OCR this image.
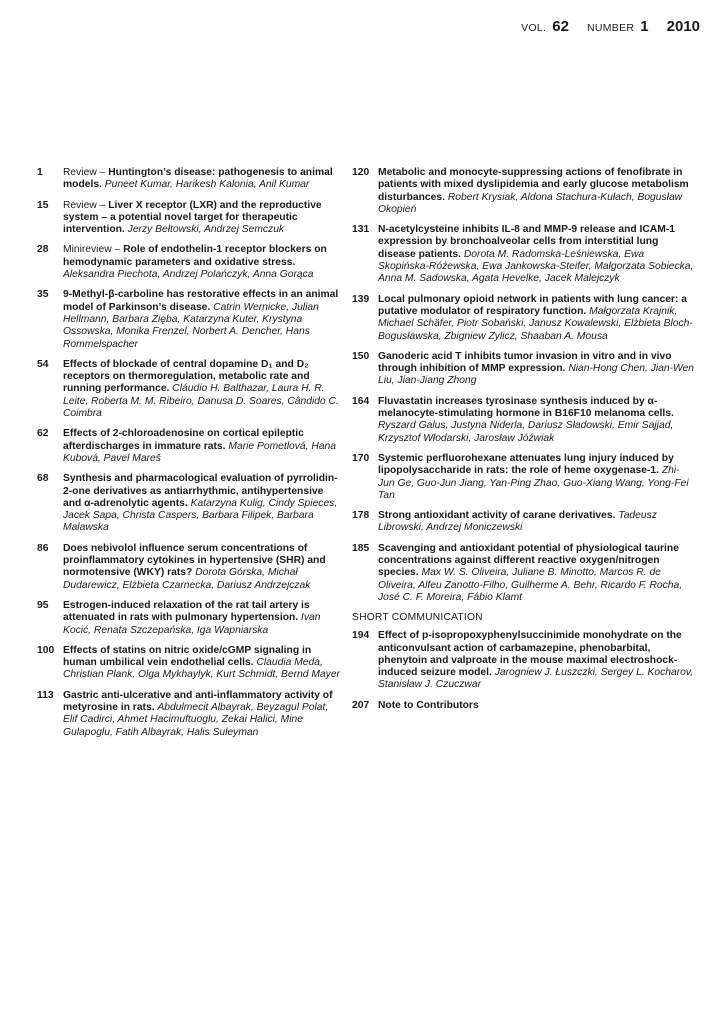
VOL. 62 NUMBER 1 2010
1	Review – Huntington’s disease: pathogenesis to animal models. Puneet Kumar, Harikesh Kalonia, Anil Kumar
15	Review – Liver X receptor (LXR) and the reproductive system – a potential novel target for therapeutic intervention. Jerzy Bełtowski, Andrzej Semczuk
28	Minireview – Role of endothelin-1 receptor blockers on hemodynamic parameters and oxidative stress. Aleksandra Piechota, Andrzej Polańczyk, Anna Gorąca
35	9-Methyl-β-carboline has restorative effects in an animal model of Parkinson’s disease. Catrin Wernicke, Julian Hellmann, Barbara Zięba, Katarzyna Kuter, Krystyna Ossowska, Monika Frenzel, Norbert A. Dencher, Hans Rommelspacher
54	Effects of blockade of central dopamine D₁ and D₂ receptors on thermoregulation, metabolic rate and running performance. Cláudio H. Balthazar, Laura H. R. Leite, Roberta M. M. Ribeiro, Danusa D. Soares, Cândido C. Coimbra
62	Effects of 2-chloroadenosine on cortical epileptic afterdischarges in immature rats. Marie Pometlová, Hana Kubová, Pavel Mareš
68	Synthesis and pharmacological evaluation of pyrrolidin-2-one derivatives as antiarrhythmic, antihypertensive and α-adrenolytic agents. Katarzyna Kulig, Cindy Spieces, Jacek Sapa, Christa Caspers, Barbara Filipek, Barbara Malawska
86	Does nebivolol influence serum concentrations of proinflammatory cytokines in hypertensive (SHR) and normotensive (WKY) rats? Dorota Górska, Michał Dudarewicz, Elżbieta Czarnecka, Dariusz Andrzejczak
95	Estrogen-induced relaxation of the rat tail artery is attenuated in rats with pulmonary hypertension. Ivan Kocić, Renata Szczepańska, Iga Wapniarska
100 Effects of statins on nitric oxide/cGMP signaling in human umbilical vein endothelial cells. Claudia Meda, Christian Plank, Olga Mykhaylyk, Kurt Schmidt, Bernd Mayer
113 Gastric anti-ulcerative and anti-inflammatory activity of metyrosine in rats. Abdulmecit Albayrak, Beyzagul Polat, Elif Cadirci, Ahmet Hacimuftuoglu, Zekai Halici, Mine Gulapoglu, Fatih Albayrak, Halis Suleyman
120 Metabolic and monocyte-suppressing actions of fenofibrate in patients with mixed dyslipidemia and early glucose metabolism disturbances. Robert Krysiak, Aldona Stachura-Kułach, Bogusław Okopień
131 N-acetylcysteine inhibits IL-8 and MMP-9 release and ICAM-1 expression by bronchoalveolar cells from interstitial lung disease patients. Dorota M. Radomska-Leśniewska, Ewa Skopińska-Różewska, Ewa Jankowska-Steifer, Małgorzata Sobiecka, Anna M. Sadowska, Agata Hevelke, Jacek Malejczyk
139 Local pulmonary opioid network in patients with lung cancer: a putative modulator of respiratory function. Małgorzata Krajnik, Michael Schäfer, Piotr Sobański, Janusz Kowalewski, Elżbieta Bloch-Bogusławska, Zbigniew Zylicz, Shaaban A. Mousa
150 Ganoderic acid T inhibits tumor invasion in vitro and in vivo through inhibition of MMP expression. Nian-Hong Chen, Jian-Wen Liu, Jian-Jiang Zhong
164 Fluvastatin increases tyrosinase synthesis induced by α-melanocyte-stimulating hormone in B16F10 melanoma cells. Ryszard Galus, Justyna Niderla, Dariusz Sładowski, Emir Sajjad, Krzysztof Włodarski, Jarosław Jóźwiak
170 Systemic perfluorohexane attenuates lung injury induced by lipopolysaccharide in rats: the role of heme oxygenase-1. Zhi-Jun Ge, Guo-Jun Jiang, Yan-Ping Zhao, Guo-Xiang Wang, Yong-Fei Tan
178 Strong antioxidant activity of carane derivatives. Tadeusz Librowski, Andrzej Moniczewski
185 Scavenging and antioxidant potential of physiological taurine concentrations against different reactive oxygen/nitrogen species. Max W. S. Oliveira, Juliane B. Minotto, Marcos R. de Oliveira, Alfeu Zanotto-Filho, Guilherme A. Behr, Ricardo F. Rocha, José C. F. Moreira, Fábio Klamt
SHORT COMMUNICATION
194 Effect of p-isopropoxyphenylsuccinimide monohydrate on the anticonvulsant action of carbamazepine, phenobarbital, phenytoin and valproate in the mouse maximal electroshock-induced seizure model. Jarogniew J. Łuszczki, Sergey L. Kocharov, Stanisław J. Czuczwar
207 Note to Contributors
